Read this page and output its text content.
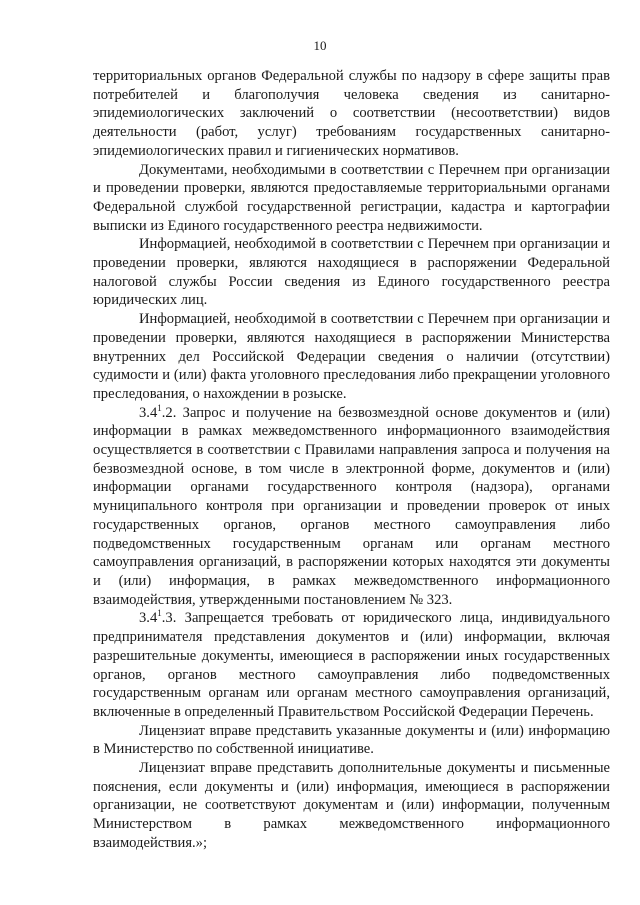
10

территориальных органов Федеральной службы по надзору в сфере защиты прав потребителей и благополучия человека сведения из санитарно-эпидемиологических заключений о соответствии (несоответствии) видов деятельности (работ, услуг) требованиям государственных санитарно-эпидемиологических правил и гигиенических нормативов.

Документами, необходимыми в соответствии с Перечнем при организации и проведении проверки, являются предоставляемые территориальными органами Федеральной службой государственной регистрации, кадастра и картографии выписки из Единого государственного реестра недвижимости.

Информацией, необходимой в соответствии с Перечнем при организации и проведении проверки, являются находящиеся в распоряжении Федеральной налоговой службы России сведения из Единого государственного реестра юридических лиц.

Информацией, необходимой в соответствии с Перечнем при организации и проведении проверки, являются находящиеся в распоряжении Министерства внутренних дел Российской Федерации сведения о наличии (отсутствии) судимости и (или) факта уголовного преследования либо прекращении уголовного преследования, о нахождении в розыске.

$3.4^1.2$. Запрос и получение на безвозмездной основе документов и (или) информации в рамках межведомственного информационного взаимодействия осуществляется в соответствии с Правилами направления запроса и получения на безвозмездной основе, в том числе в электронной форме, документов и (или) информации органами государственного контроля (надзора), органами муниципального контроля при организации и проведении проверок от иных государственных органов, органов местного самоуправления либо подведомственных государственным органам или органам местного самоуправления организаций, в распоряжении которых находятся эти документы и (или) информация, в рамках межведомственного информационного взаимодействия, утвержденными постановлением № 323.

$3.4^1.3$. Запрещается требовать от юридического лица, индивидуального предпринимателя представления документов и (или) информации, включая разрешительные документы, имеющиеся в распоряжении иных государственных органов, органов местного самоуправления либо подведомственных государственным органам или органам местного самоуправления организаций, включенные в определенный Правительством Российской Федерации Перечень.

Лицензиат вправе представить указанные документы и (или) информацию в Министерство по собственной инициативе.

Лицензиат вправе представить дополнительные документы и письменные пояснения, если документы и (или) информация, имеющиеся в распоряжении организации, не соответствуют документам и (или) информации, полученным Министерством в рамках межведомственного информационного взаимодействия.»;
